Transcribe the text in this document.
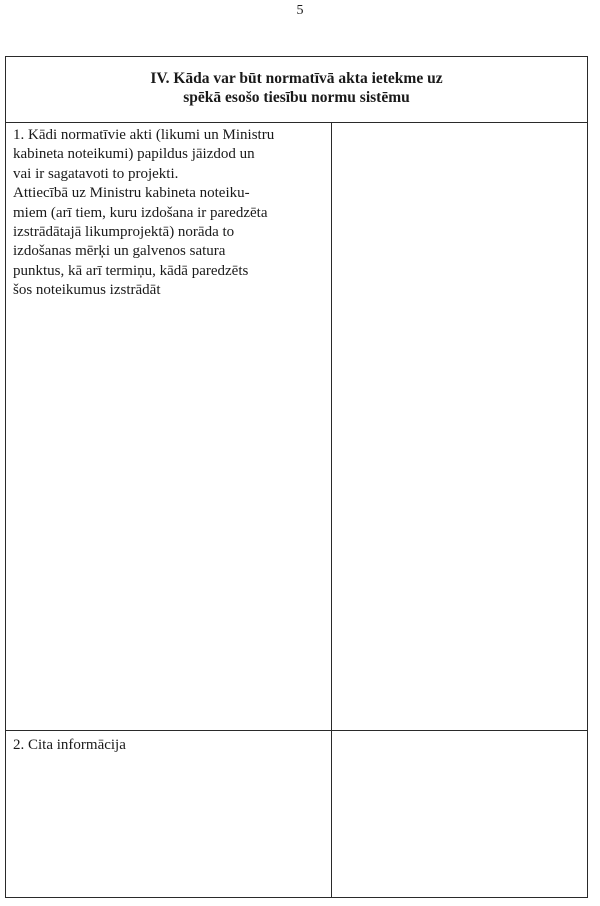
5
IV. Kāda var būt normatīvā akta ietekme uz
spēkā esošo tiesību normu sistēmu
1. Kādi normatīvie akti (likumi un Ministru
kabineta noteikumi) papildus jāizdod un
vai ir sagatavoti to projekti.
Attiecībā uz Ministru kabineta noteiku-
miem (arī tiem, kuru izdošana ir paredzēta
izstrādātajā likumprojektā) norāda to
izdošanas mērķi un galvenos satura
punktus, kā arī termiņu, kādā paredzēts
šos noteikumus izstrādāt
2. Cita informācija
